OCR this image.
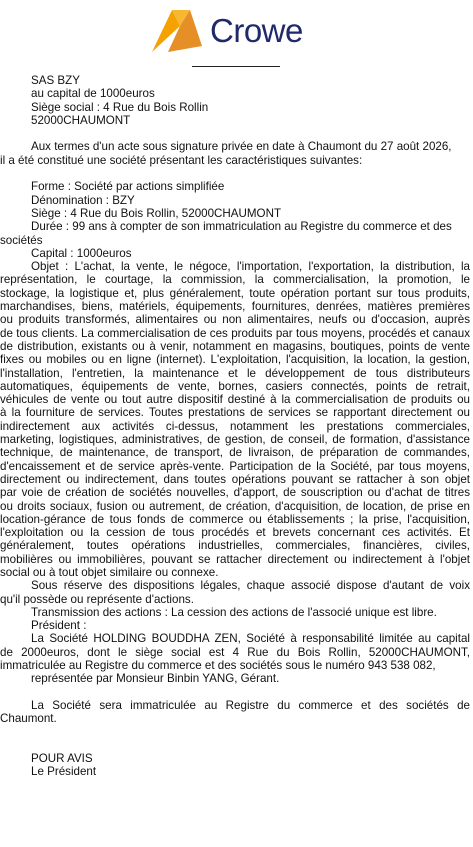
Crowe
SAS BZY
au capital de 1000euros
Siège social : 4 Rue du Bois Rollin
52000CHAUMONT
Aux termes d'un acte sous signature privée en date à Chaumont du 27 août 2026,
il a été constitué une société présentant les caractéristiques suivantes:
Forme : Société par actions simplifiée
Dénomination : BZY
Siège : 4 Rue du Bois Rollin, 52000CHAUMONT
Durée : 99 ans à compter de son immatriculation au Registre du commerce et des
sociétés
Capital : 1000euros
Objet : L'achat, la vente, le négoce, l'importation, l'exportation, la distribution, la
représentation, le courtage, la commission, la commercialisation, la promotion, le
stockage, la logistique et, plus généralement, toute opération portant sur tous produits,
marchandises, biens, matériels, équipements, fournitures, denrées, matières premières
ou produits transformés, alimentaires ou non alimentaires, neufs ou d'occasion, auprès
de tous clients. La commercialisation de ces produits par tous moyens, procédés et canaux
de distribution, existants ou à venir, notamment en magasins, boutiques, points de vente
fixes ou mobiles ou en ligne (internet). L'exploitation, l'acquisition, la location, la gestion,
l'installation, l'entretien, la maintenance et le développement de tous distributeurs
automatiques, équipements de vente, bornes, casiers connectés, points de retrait,
véhicules de vente ou tout autre dispositif destiné à la commercialisation de produits ou
à la fourniture de services. Toutes prestations de services se rapportant directement ou
indirectement aux activités ci-dessus, notamment les prestations commerciales,
marketing, logistiques, administratives, de gestion, de conseil, de formation, d'assistance
technique, de maintenance, de transport, de livraison, de préparation de commandes,
d'encaissement et de service après-vente. Participation de la Société, par tous moyens,
directement ou indirectement, dans toutes opérations pouvant se rattacher à son objet
par voie de création de sociétés nouvelles, d'apport, de souscription ou d'achat de titres
ou droits sociaux, fusion ou autrement, de création, d'acquisition, de location, de prise en
location-gérance de tous fonds de commerce ou établissements ; la prise, l'acquisition,
l'exploitation ou la cession de tous procédés et brevets concernant ces activités. Et
généralement, toutes opérations industrielles, commerciales, financières, civiles,
mobilières ou immobilières, pouvant se rattacher directement ou indirectement à l'objet
social ou à tout objet similaire ou connexe.
Sous réserve des dispositions légales, chaque associé dispose d'autant de voix
qu'il possède ou représente d'actions.
Transmission des actions : La cession des actions de l'associé unique est libre.
Président :
La Société HOLDING BOUDDHA ZEN, Société à responsabilité limitée au capital
de 2000euros, dont le siège social est 4 Rue du Bois Rollin, 52000CHAUMONT,
immatriculée au Registre du commerce et des sociétés sous le numéro 943 538 082,
représentée par Monsieur Binbin YANG, Gérant.
La Société sera immatriculée au Registre du commerce et des sociétés de
Chaumont.
POUR AVIS
Le Président
